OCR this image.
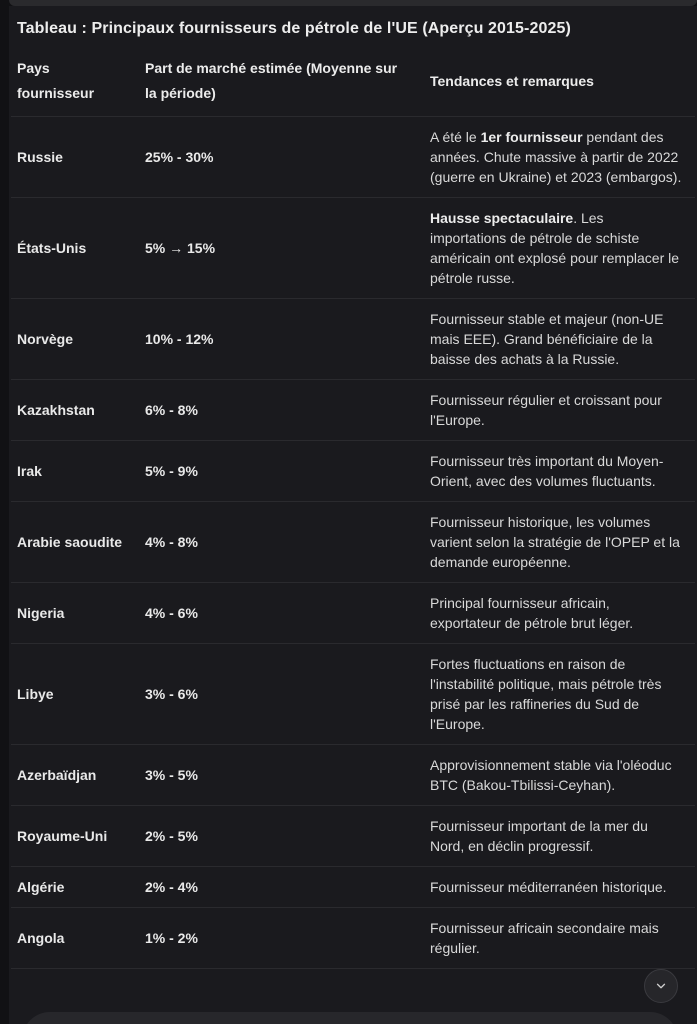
Tableau : Principaux fournisseurs de pétrole de l'UE (Aperçu 2015-2025)
Pays fournisseur	Part de marché estimée (Moyenne sur la période)	Tendances et remarques
Russie	25% - 30%	A été le 1er fournisseur pendant des années. Chute massive à partir de 2022 (guerre en Ukraine) et 2023 (embargos).
États-Unis	5% → 15%	Hausse spectaculaire. Les importations de pétrole de schiste américain ont explosé pour remplacer le pétrole russe.
Norvège	10% - 12%	Fournisseur stable et majeur (non-UE mais EEE). Grand bénéficiaire de la baisse des achats à la Russie.
Kazakhstan	6% - 8%	Fournisseur régulier et croissant pour l'Europe.
Irak	5% - 9%	Fournisseur très important du Moyen-Orient, avec des volumes fluctuants.
Arabie saoudite	4% - 8%	Fournisseur historique, les volumes varient selon la stratégie de l'OPEP et la demande européenne.
Nigeria	4% - 6%	Principal fournisseur africain, exportateur de pétrole brut léger.
Libye	3% - 6%	Fortes fluctuations en raison de l'instabilité politique, mais pétrole très prisé par les raffineries du Sud de l'Europe.
Azerbaïdjan	3% - 5%	Approvisionnement stable via l'oléoduc BTC (Bakou-Tbilissi-Ceyhan).
Royaume-Uni	2% - 5%	Fournisseur important de la mer du Nord, en déclin progressif.
Algérie	2% - 4%	Fournisseur méditerranéen historique.
Angola	1% - 2%	Fournisseur africain secondaire mais régulier.
